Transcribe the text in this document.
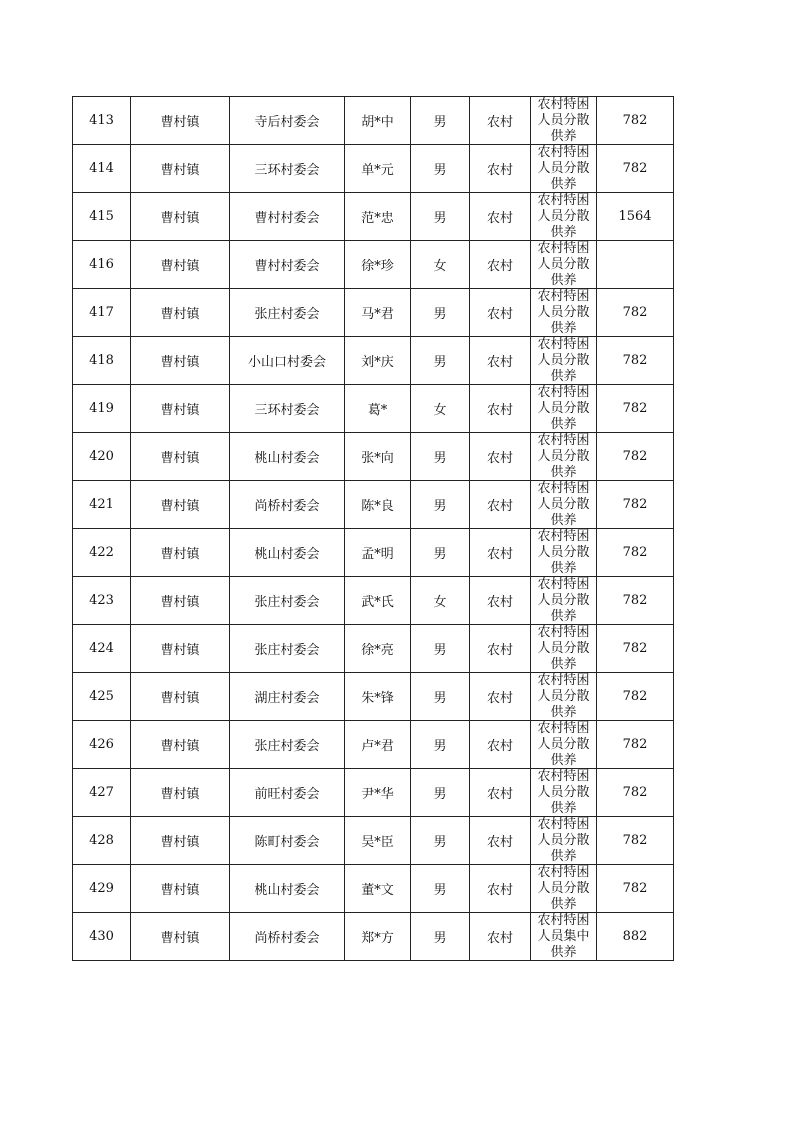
413	曹村镇	寺后村委会	胡*中	男	农村	农村特困人员分散供养	782
414	曹村镇	三环村委会	单*元	男	农村	农村特困人员分散供养	782
415	曹村镇	曹村村委会	范*忠	男	农村	农村特困人员分散供养	1564
416	曹村镇	曹村村委会	徐*珍	女	农村	农村特困人员分散供养	

417	曹村镇	张庄村委会	马*君	男	农村	农村特困人员分散供养	782
418	曹村镇	小山口村委会	刘*庆	男	农村	农村特困人员分散供养	782
419	曹村镇	三环村委会	葛*	女	农村	农村特困人员分散供养	782
420	曹村镇	桃山村委会	张*向	男	农村	农村特困人员分散供养	782
421	曹村镇	尚桥村委会	陈*良	男	农村	农村特困人员分散供养	782
422	曹村镇	桃山村委会	孟*明	男	农村	农村特困人员分散供养	782
423	曹村镇	张庄村委会	武*氏	女	农村	农村特困人员分散供养	782
424	曹村镇	张庄村委会	徐*亮	男	农村	农村特困人员分散供养	782
425	曹村镇	湖庄村委会	朱*锋	男	农村	农村特困人员分散供养	782
426	曹村镇	张庄村委会	卢*君	男	农村	农村特困人员分散供养	782
427	曹村镇	前旺村委会	尹*华	男	农村	农村特困人员分散供养	782
428	曹村镇	陈町村委会	吴*臣	男	农村	农村特困人员分散供养	782
429	曹村镇	桃山村委会	董*文	男	农村	农村特困人员分散供养	782
430	曹村镇	尚桥村委会	郑*方	男	农村	农村特困人员集中供养	882
